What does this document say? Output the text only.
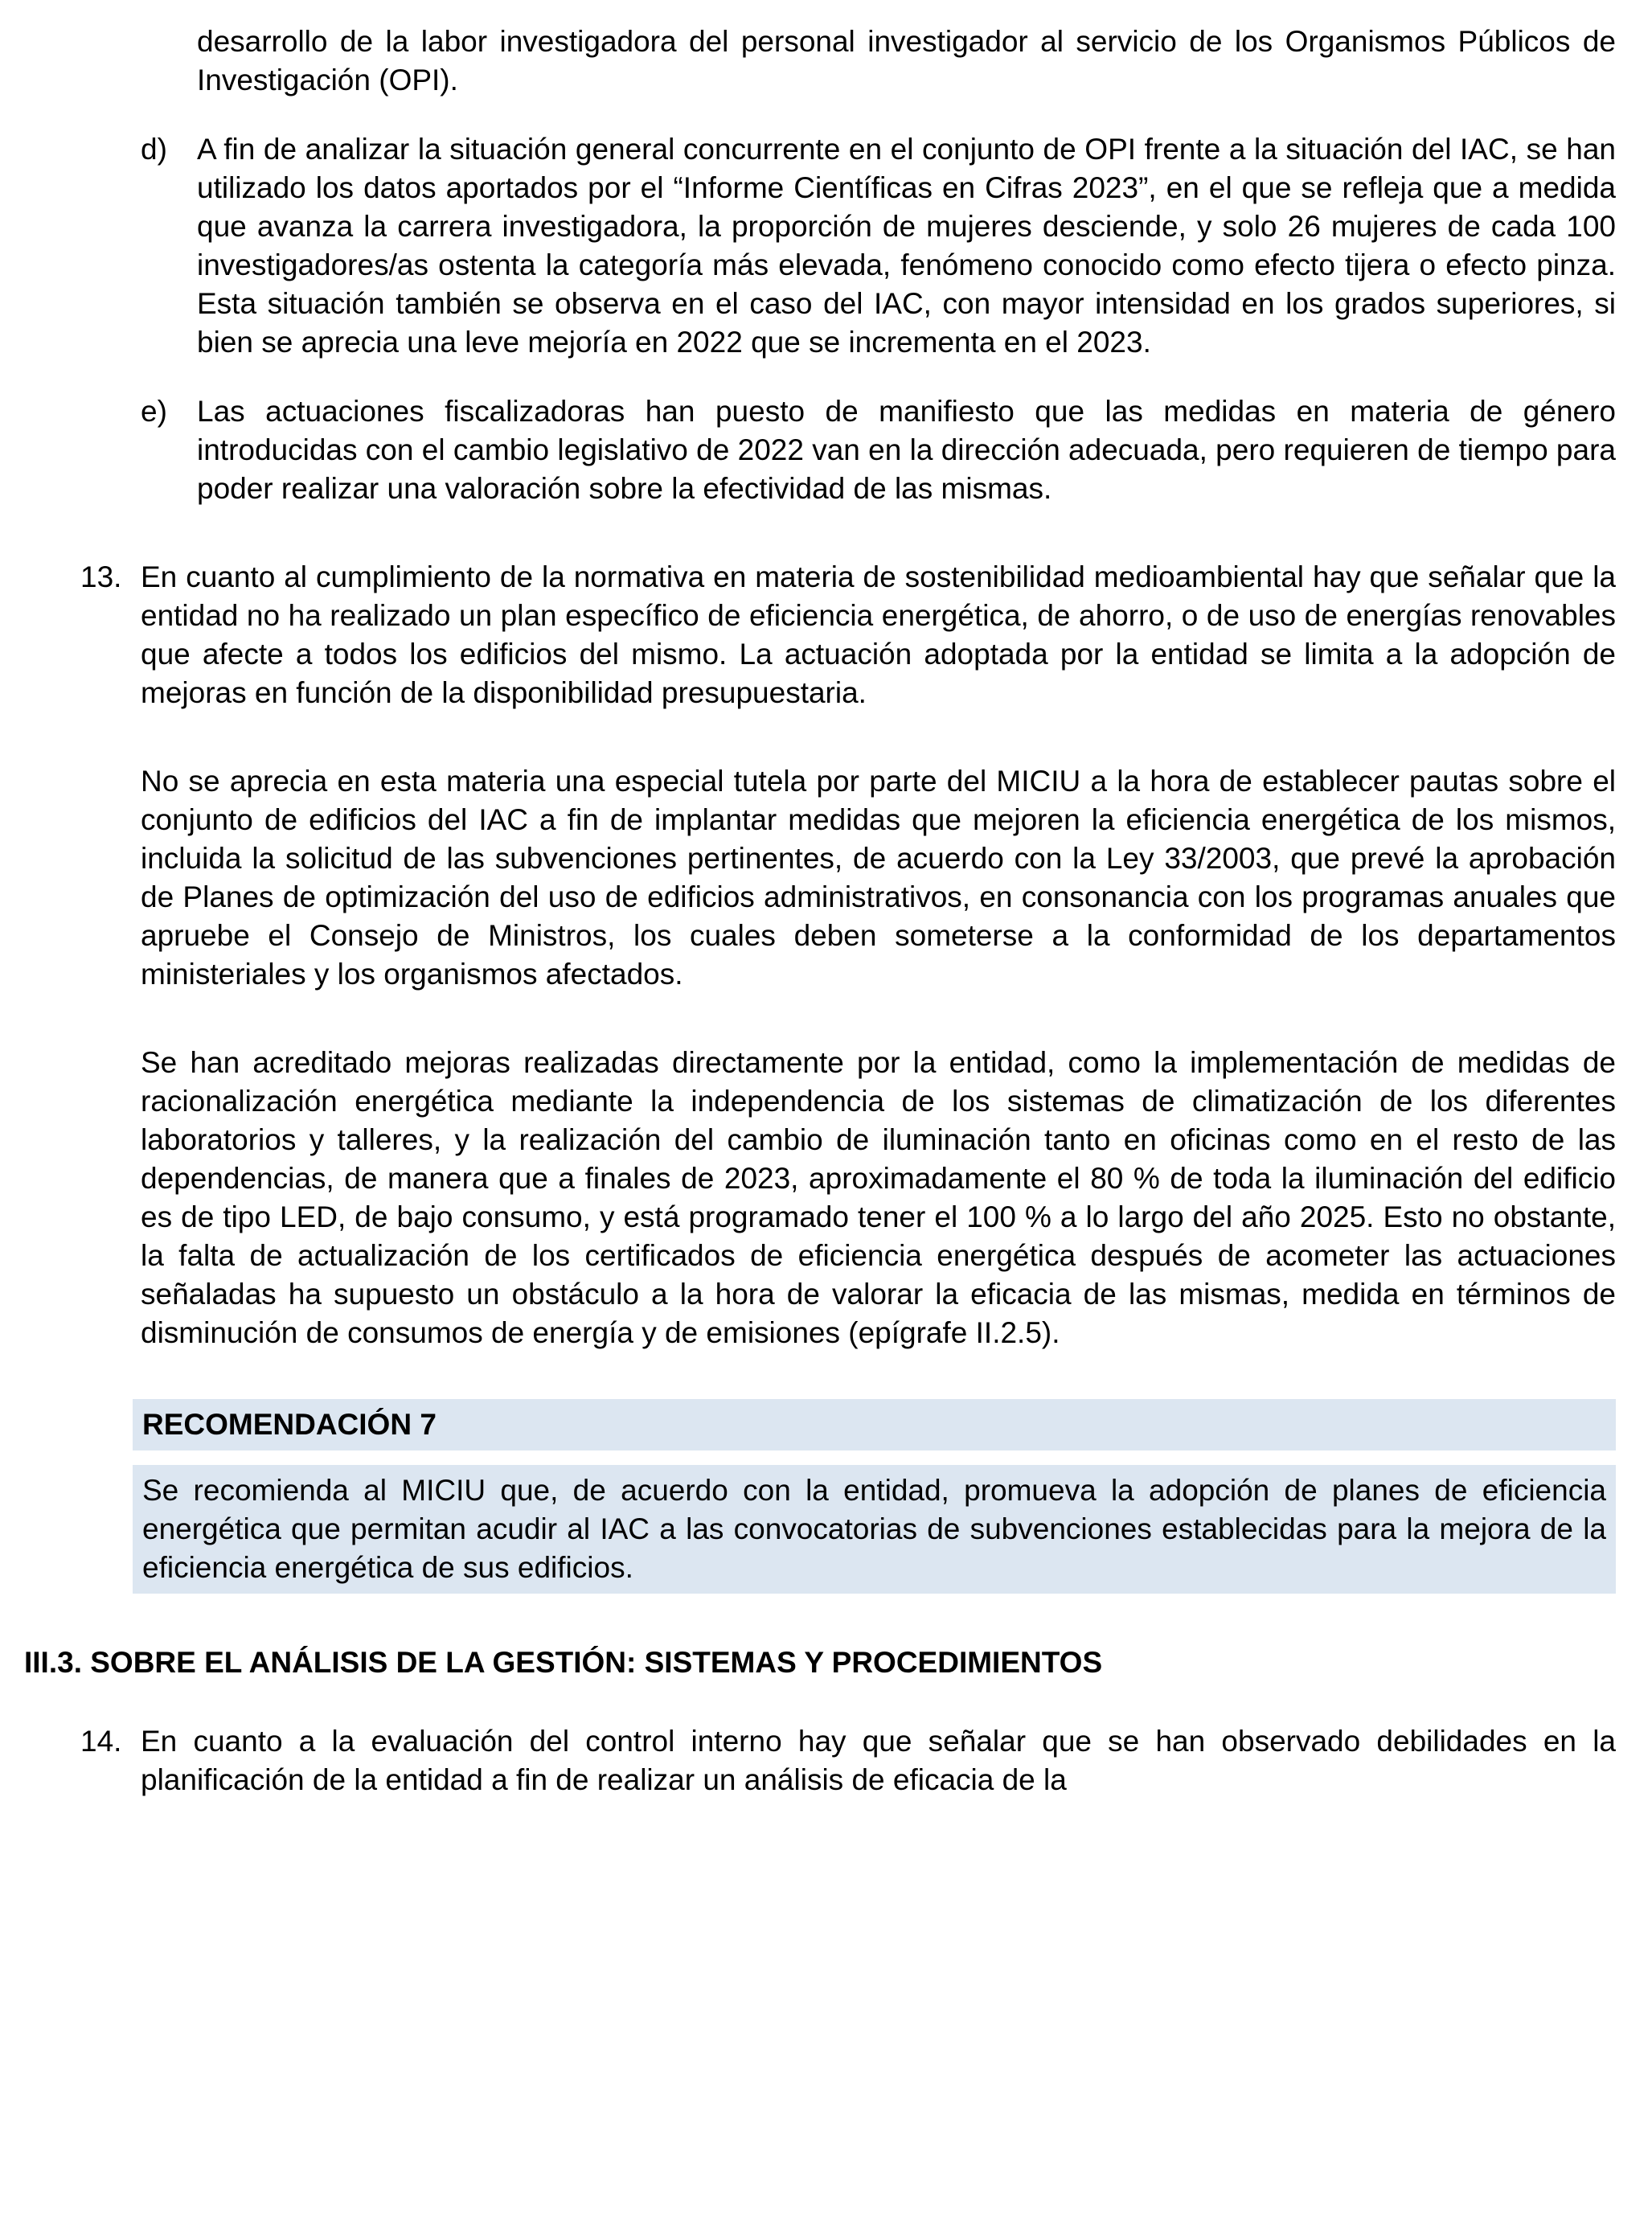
desarrollo de la labor investigadora del personal investigador al servicio de los Organismos Públicos de Investigación (OPI).

d)	A fin de analizar la situación general concurrente en el conjunto de OPI frente a la situación del IAC, se han utilizado los datos aportados por el “Informe Científicas en Cifras 2023”, en el que se refleja que a medida que avanza la carrera investigadora, la proporción de mujeres desciende, y solo 26 mujeres de cada 100 investigadores/as ostenta la categoría más elevada, fenómeno conocido como efecto tijera o efecto pinza. Esta situación también se observa en el caso del IAC, con mayor intensidad en los grados superiores, si bien se aprecia una leve mejoría en 2022 que se incrementa en el 2023.

e)	Las actuaciones fiscalizadoras han puesto de manifiesto que las medidas en materia de género introducidas con el cambio legislativo de 2022 van en la dirección adecuada, pero requieren de tiempo para poder realizar una valoración sobre la efectividad de las mismas.

13. En cuanto al cumplimiento de la normativa en materia de sostenibilidad medioambiental hay que señalar que la entidad no ha realizado un plan específico de eficiencia energética, de ahorro, o de uso de energías renovables que afecte a todos los edificios del mismo. La actuación adoptada por la entidad se limita a la adopción de mejoras en función de la disponibilidad presupuestaria.

No se aprecia en esta materia una especial tutela por parte del MICIU a la hora de establecer pautas sobre el conjunto de edificios del IAC a fin de implantar medidas que mejoren la eficiencia energética de los mismos, incluida la solicitud de las subvenciones pertinentes, de acuerdo con la Ley 33/2003, que prevé la aprobación de Planes de optimización del uso de edificios administrativos, en consonancia con los programas anuales que apruebe el Consejo de Ministros, los cuales deben someterse a la conformidad de los departamentos ministeriales y los organismos afectados.

Se han acreditado mejoras realizadas directamente por la entidad, como la implementación de medidas de racionalización energética mediante la independencia de los sistemas de climatización de los diferentes laboratorios y talleres, y la realización del cambio de iluminación tanto en oficinas como en el resto de las dependencias, de manera que a finales de 2023, aproximadamente el 80 % de toda la iluminación del edificio es de tipo LED, de bajo consumo, y está programado tener el 100 % a lo largo del año 2025. Esto no obstante, la falta de actualización de los certificados de eficiencia energética después de acometer las actuaciones señaladas ha supuesto un obstáculo a la hora de valorar la eficacia de las mismas, medida en términos de disminución de consumos de energía y de emisiones (epígrafe II.2.5).

RECOMENDACIÓN 7

Se recomienda al MICIU que, de acuerdo con la entidad, promueva la adopción de planes de eficiencia energética que permitan acudir al IAC a las convocatorias de subvenciones establecidas para la mejora de la eficiencia energética de sus edificios.

III.3. SOBRE EL ANÁLISIS DE LA GESTIÓN: SISTEMAS Y PROCEDIMIENTOS
14. En cuanto a la evaluación del control interno hay que señalar que se han observado debilidades en la planificación de la entidad a fin de realizar un análisis de eficacia de la
